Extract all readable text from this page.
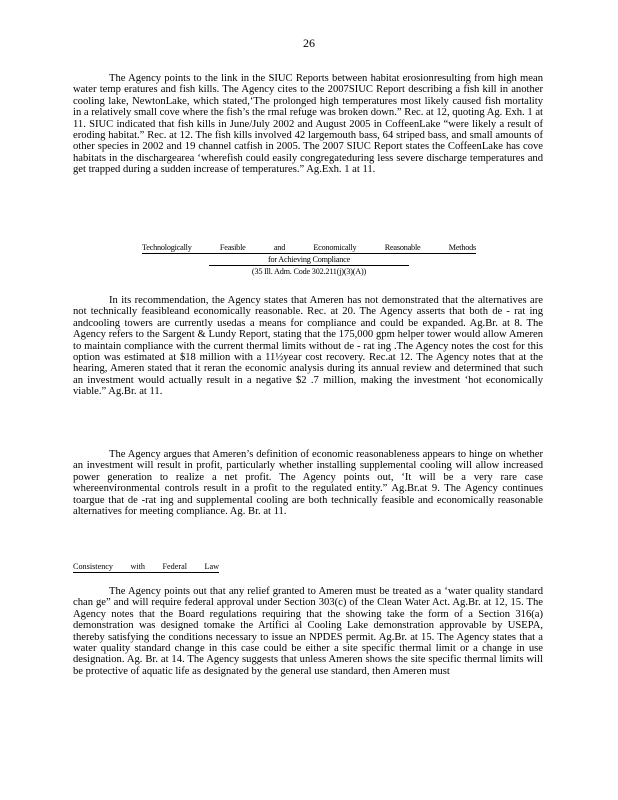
26

The Agency points to the link in the SIUC Reports between habitat erosionresulting from high mean water temp eratures and fish kills. The Agency cites to the 2007SIUC Report describing a fish kill in another cooling lake, NewtonLake, which stated,‘The prolonged high temperatures most likely caused fish mortality in a relatively small cove where the fish’s the rmal refuge was broken down.” Rec. at 12, quoting Ag. Exh. 1 at 11. SIUC indicated that fish kills in June/July 2002 and August 2005 in CoffeenLake “were likely a result of eroding habitat.” Rec. at 12. The fish kills involved 42 largemouth bass, 64 striped bass, and small amounts of other species in 2002 and 19 channel catfish in 2005. The 2007 SIUC Report states the CoffeenLake has cove habitats in the dischargearea ‘wherefish could easily congregateduring less severe discharge temperatures and get trapped during a sudden increase of temperatures.” Ag.Exh. 1 at 11.

Technologically Feasible and Economically Reasonable Methods
for Achieving Compliance
(35 Ill. Adm. Code 302.211(j)(3)(A))

In its recommendation, the Agency states that Ameren has not demonstrated that the alternatives are not technically feasibleand economically reasonable. Rec. at 20. The Agency asserts that both de - rat ing andcooling towers are currently usedas a means for compliance and could be expanded. Ag.Br. at 8. The Agency refers to the Sargent & Lundy Report, stating that the 175,000 gpm helper tower would allow Ameren to maintain compliance with the current thermal limits without de - rat ing .The Agency notes the cost for this option was estimated at $18 million with a 11½year cost recovery. Rec.at 12. The Agency notes that at the hearing, Ameren stated that it reran the economic analysis during its annual review and determined that such an investment would actually result in a negative $2 .7 million, making the investment ‘hot economically viable.” Ag.Br. at 11.

The Agency argues that Ameren’s definition of economic reasonableness appears to hinge on whether an investment will result in profit, particularly whether installing supplemental cooling will allow increased power generation to realize a net profit. The Agency points out, ‘It will be a very rare case whereenvironmental controls result in a profit to the regulated entity.” Ag.Br.at 9. The Agency continues toargue that de -rat ing and supplemental cooling are both technically feasible and economically reasonable alternatives for meeting compliance. Ag. Br. at 11.

Consistency with Federal Law

The Agency points out that any relief granted to Ameren must be treated as a ‘water quality standard chan ge” and will require federal approval under Section 303(c) of the Clean Water Act. Ag.Br. at 12, 15. The Agency notes that the Board regulations requiring that the showing take the form of a Section 316(a) demonstration was designed tomake the Artifici al Cooling Lake demonstration approvable by USEPA, thereby satisfying the conditions necessary to issue an NPDES permit. Ag.Br. at 15. The Agency states that a water quality standard change in this case could be either a site specific thermal limit or a change in use designation. Ag. Br. at 14. The Agency suggests that unless Ameren shows the site specific thermal limits will be protective of aquatic life as designated by the general use standard, then Ameren must
